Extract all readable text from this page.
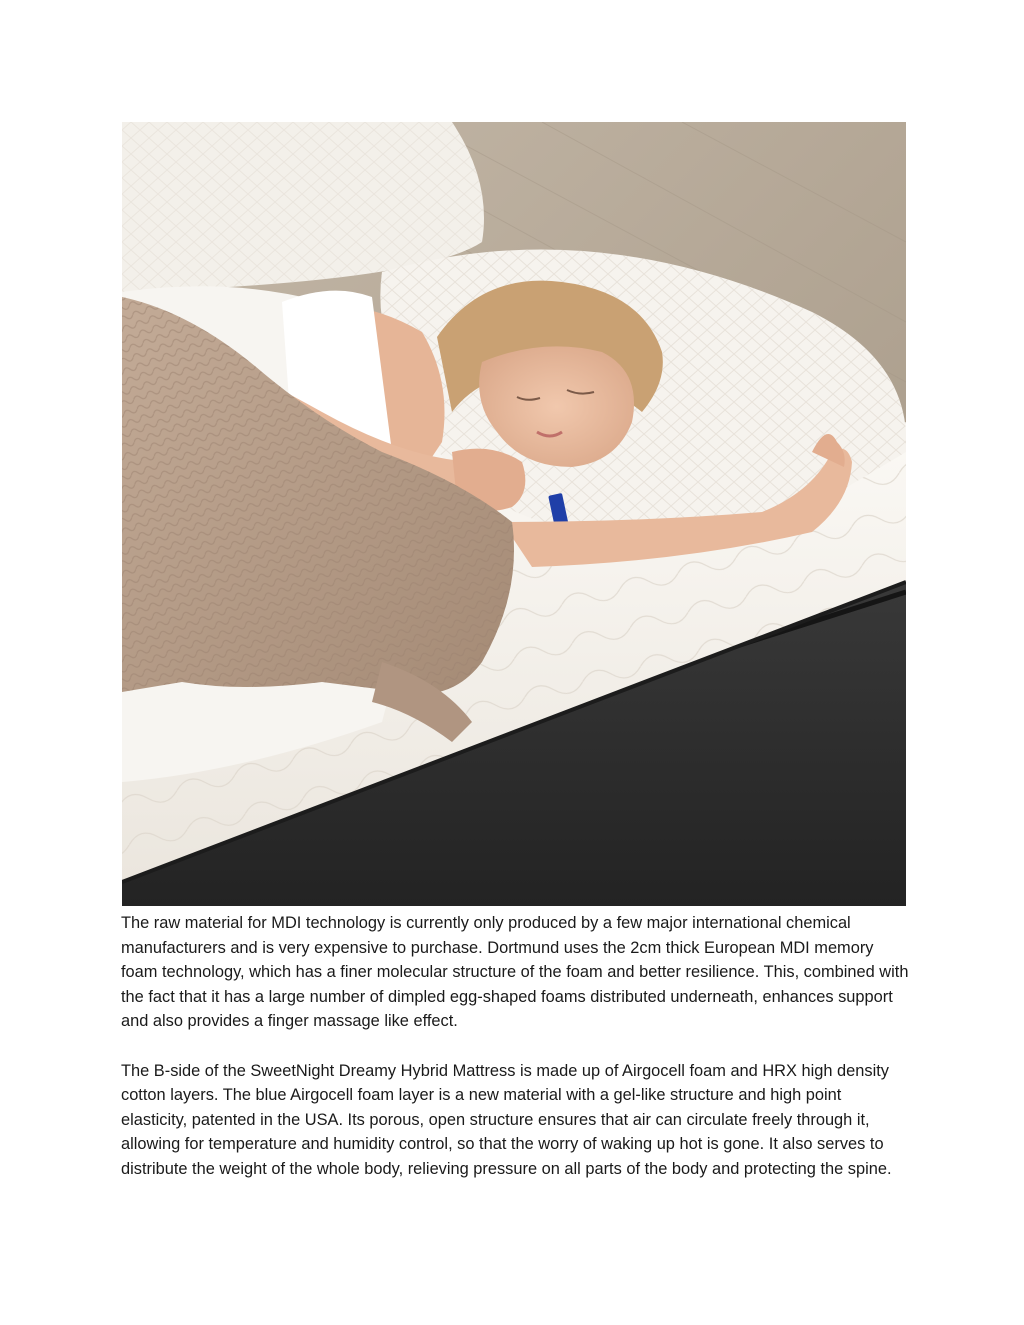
The raw material for MDI technology is currently only produced by a few major international chemical manufacturers and is very expensive to purchase. Dortmund uses the 2cm thick European MDI memory foam technology, which has a finer molecular structure of the foam and better resilience. This, combined with the fact that it has a large number of dimpled egg-shaped foams distributed underneath, enhances support and also provides a finger massage like effect.

The B-side of the SweetNight Dreamy Hybrid Mattress is made up of Airgocell foam and HRX high density cotton layers. The blue Airgocell foam layer is a new material with a gel-like structure and high point elasticity, patented in the USA. Its porous, open structure ensures that air can circulate freely through it, allowing for temperature and humidity control, so that the worry of waking up hot is gone. It also serves to distribute the weight of the whole body, relieving pressure on all parts of the body and protecting the spine.
